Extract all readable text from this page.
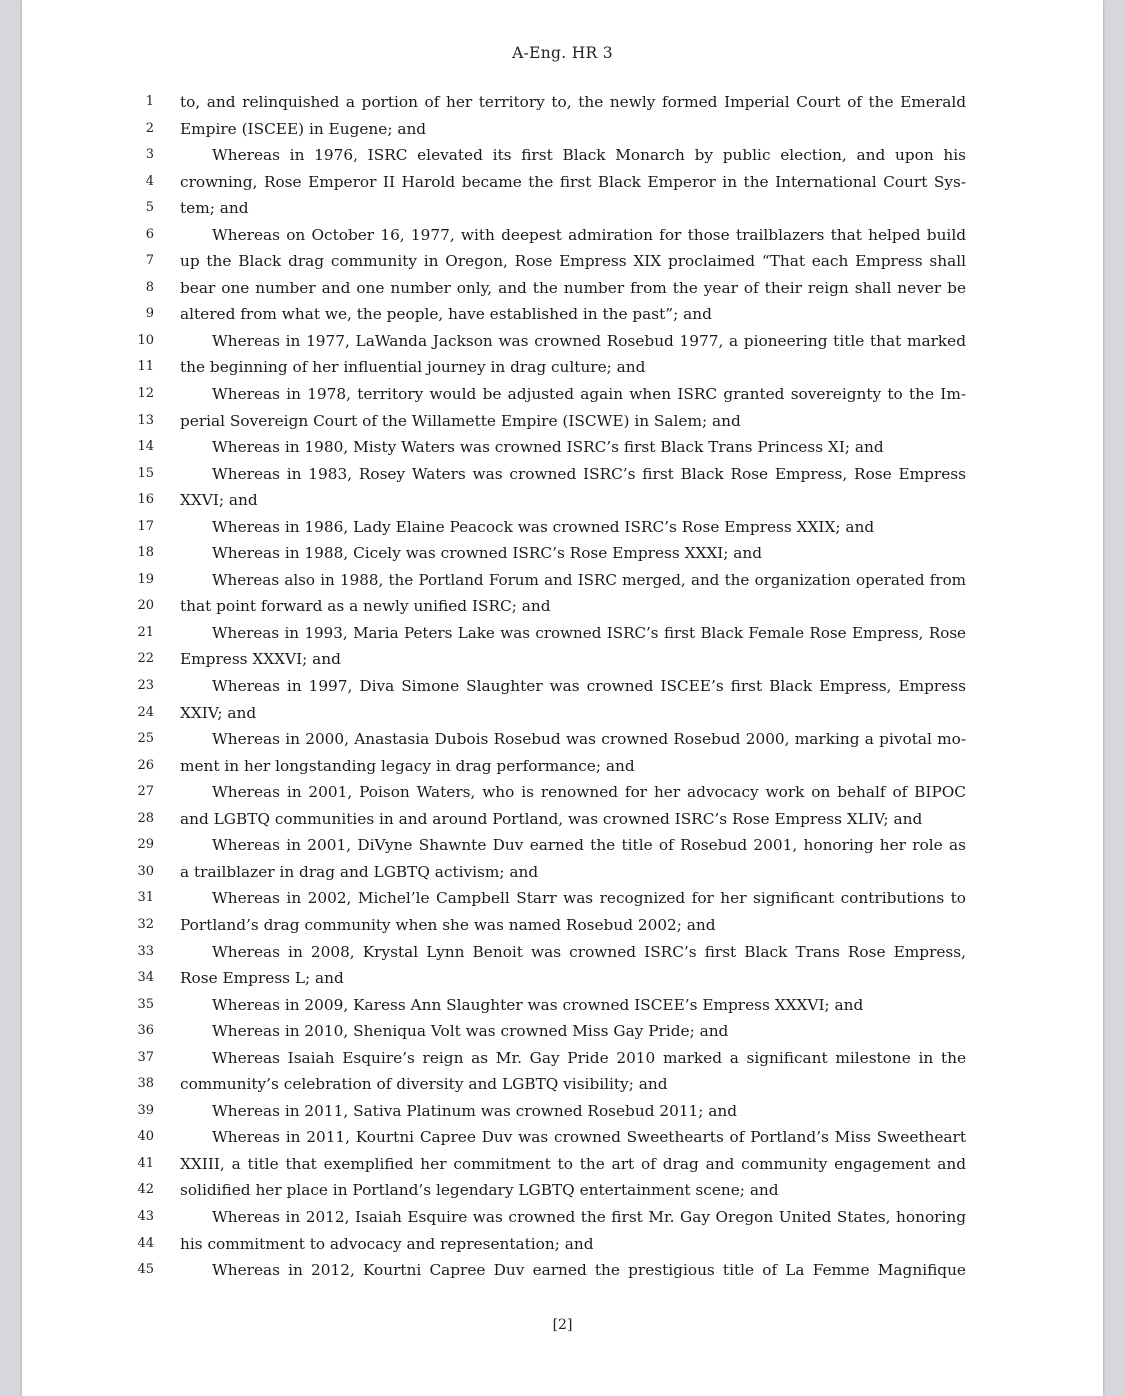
A-Eng. HR 3
1 to, and relinquished a portion of her territory to, the newly formed Imperial Court of the Emerald
2 Empire (ISCEE) in Eugene; and
3	Whereas in 1976, ISRC elevated its first Black Monarch by public election, and upon his
4 crowning, Rose Emperor II Harold became the first Black Emperor in the International Court Sys-
5 tem; and
6	Whereas on October 16, 1977, with deepest admiration for those trailblazers that helped build
7 up the Black drag community in Oregon, Rose Empress XIX proclaimed “That each Empress shall
8 bear one number and one number only, and the number from the year of their reign shall never be
9 altered from what we, the people, have established in the past”; and
10	Whereas in 1977, LaWanda Jackson was crowned Rosebud 1977, a pioneering title that marked
11 the beginning of her influential journey in drag culture; and
12	Whereas in 1978, territory would be adjusted again when ISRC granted sovereignty to the Im-
13 perial Sovereign Court of the Willamette Empire (ISCWE) in Salem; and
14	Whereas in 1980, Misty Waters was crowned ISRC’s first Black Trans Princess XI; and
15	Whereas in 1983, Rosey Waters was crowned ISRC’s first Black Rose Empress, Rose Empress
16 XXVI; and
17	Whereas in 1986, Lady Elaine Peacock was crowned ISRC’s Rose Empress XXIX; and
18	Whereas in 1988, Cicely was crowned ISRC’s Rose Empress XXXI; and
19	Whereas also in 1988, the Portland Forum and ISRC merged, and the organization operated from
20 that point forward as a newly unified ISRC; and
21	Whereas in 1993, Maria Peters Lake was crowned ISRC’s first Black Female Rose Empress, Rose
22 Empress XXXVI; and
23	Whereas in 1997, Diva Simone Slaughter was crowned ISCEE’s first Black Empress, Empress
24 XXIV; and
25	Whereas in 2000, Anastasia Dubois Rosebud was crowned Rosebud 2000, marking a pivotal mo-
26 ment in her longstanding legacy in drag performance; and
27	Whereas in 2001, Poison Waters, who is renowned for her advocacy work on behalf of BIPOC
28 and LGBTQ communities in and around Portland, was crowned ISRC’s Rose Empress XLIV; and
29	Whereas in 2001, DiVyne Shawnte Duv earned the title of Rosebud 2001, honoring her role as
30 a trailblazer in drag and LGBTQ activism; and
31	Whereas in 2002, Michel’le Campbell Starr was recognized for her significant contributions to
32 Portland’s drag community when she was named Rosebud 2002; and
33	Whereas in 2008, Krystal Lynn Benoit was crowned ISRC’s first Black Trans Rose Empress,
34 Rose Empress L; and
35	Whereas in 2009, Karess Ann Slaughter was crowned ISCEE’s Empress XXXVI; and
36	Whereas in 2010, Sheniqua Volt was crowned Miss Gay Pride; and
37	Whereas Isaiah Esquire’s reign as Mr. Gay Pride 2010 marked a significant milestone in the
38 community’s celebration of diversity and LGBTQ visibility; and
39	Whereas in 2011, Sativa Platinum was crowned Rosebud 2011; and
40	Whereas in 2011, Kourtni Capree Duv was crowned Sweethearts of Portland’s Miss Sweetheart
41 XXIII, a title that exemplified her commitment to the art of drag and community engagement and
42 solidified her place in Portland’s legendary LGBTQ entertainment scene; and
43	Whereas in 2012, Isaiah Esquire was crowned the first Mr. Gay Oregon United States, honoring
44 his commitment to advocacy and representation; and
45	Whereas in 2012, Kourtni Capree Duv earned the prestigious title of La Femme Magnifique
[2]
